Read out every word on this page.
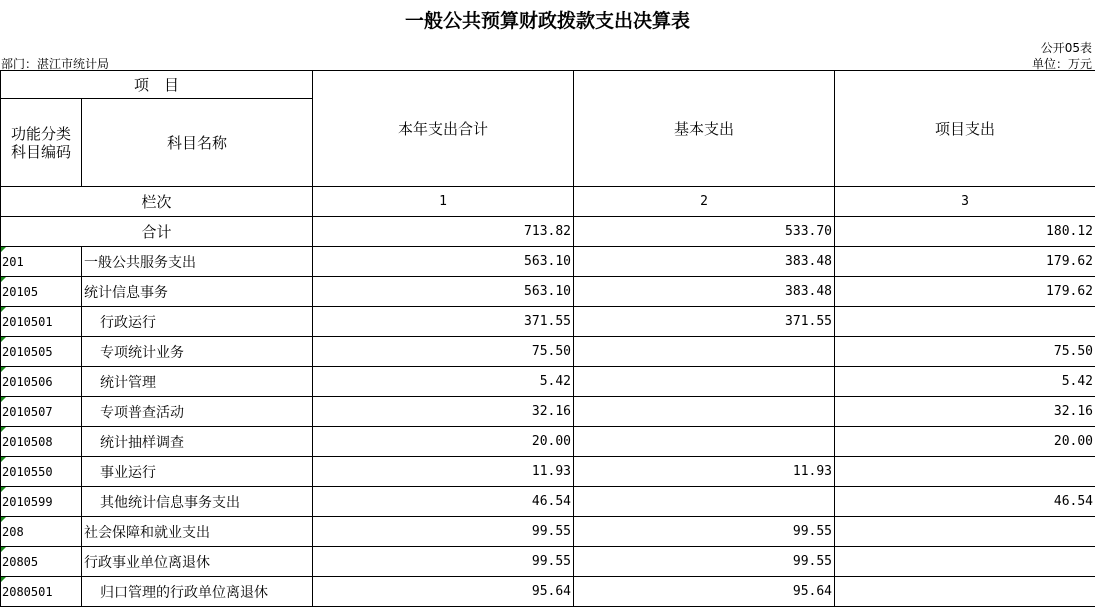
一般公共预算财政拨款支出决算表
公开05表
部门：湛江市统计局	单位：万元
项　目		本年支出合计	基本支出	项目支出

功能分类
科目编码	科目名称			
栏次		1	2	3
合计		713.82	533.70	180.12
201	一般公共服务支出	563.10	383.48	179.62
20105	统计信息事务	563.10	383.48	179.62
2010501	行政运行	371.55	371.55	
2010505	专项统计业务	75.50		75.50
2010506	统计管理	5.42		5.42
2010507	专项普查活动	32.16		32.16
2010508	统计抽样调查	20.00		20.00
2010550	事业运行	11.93	11.93	
2010599	其他统计信息事务支出	46.54		46.54
208	社会保障和就业支出	99.55	99.55	
20805	行政事业单位离退休	99.55	99.55	
2080501	归口管理的行政单位离退休	95.64	95.64	
